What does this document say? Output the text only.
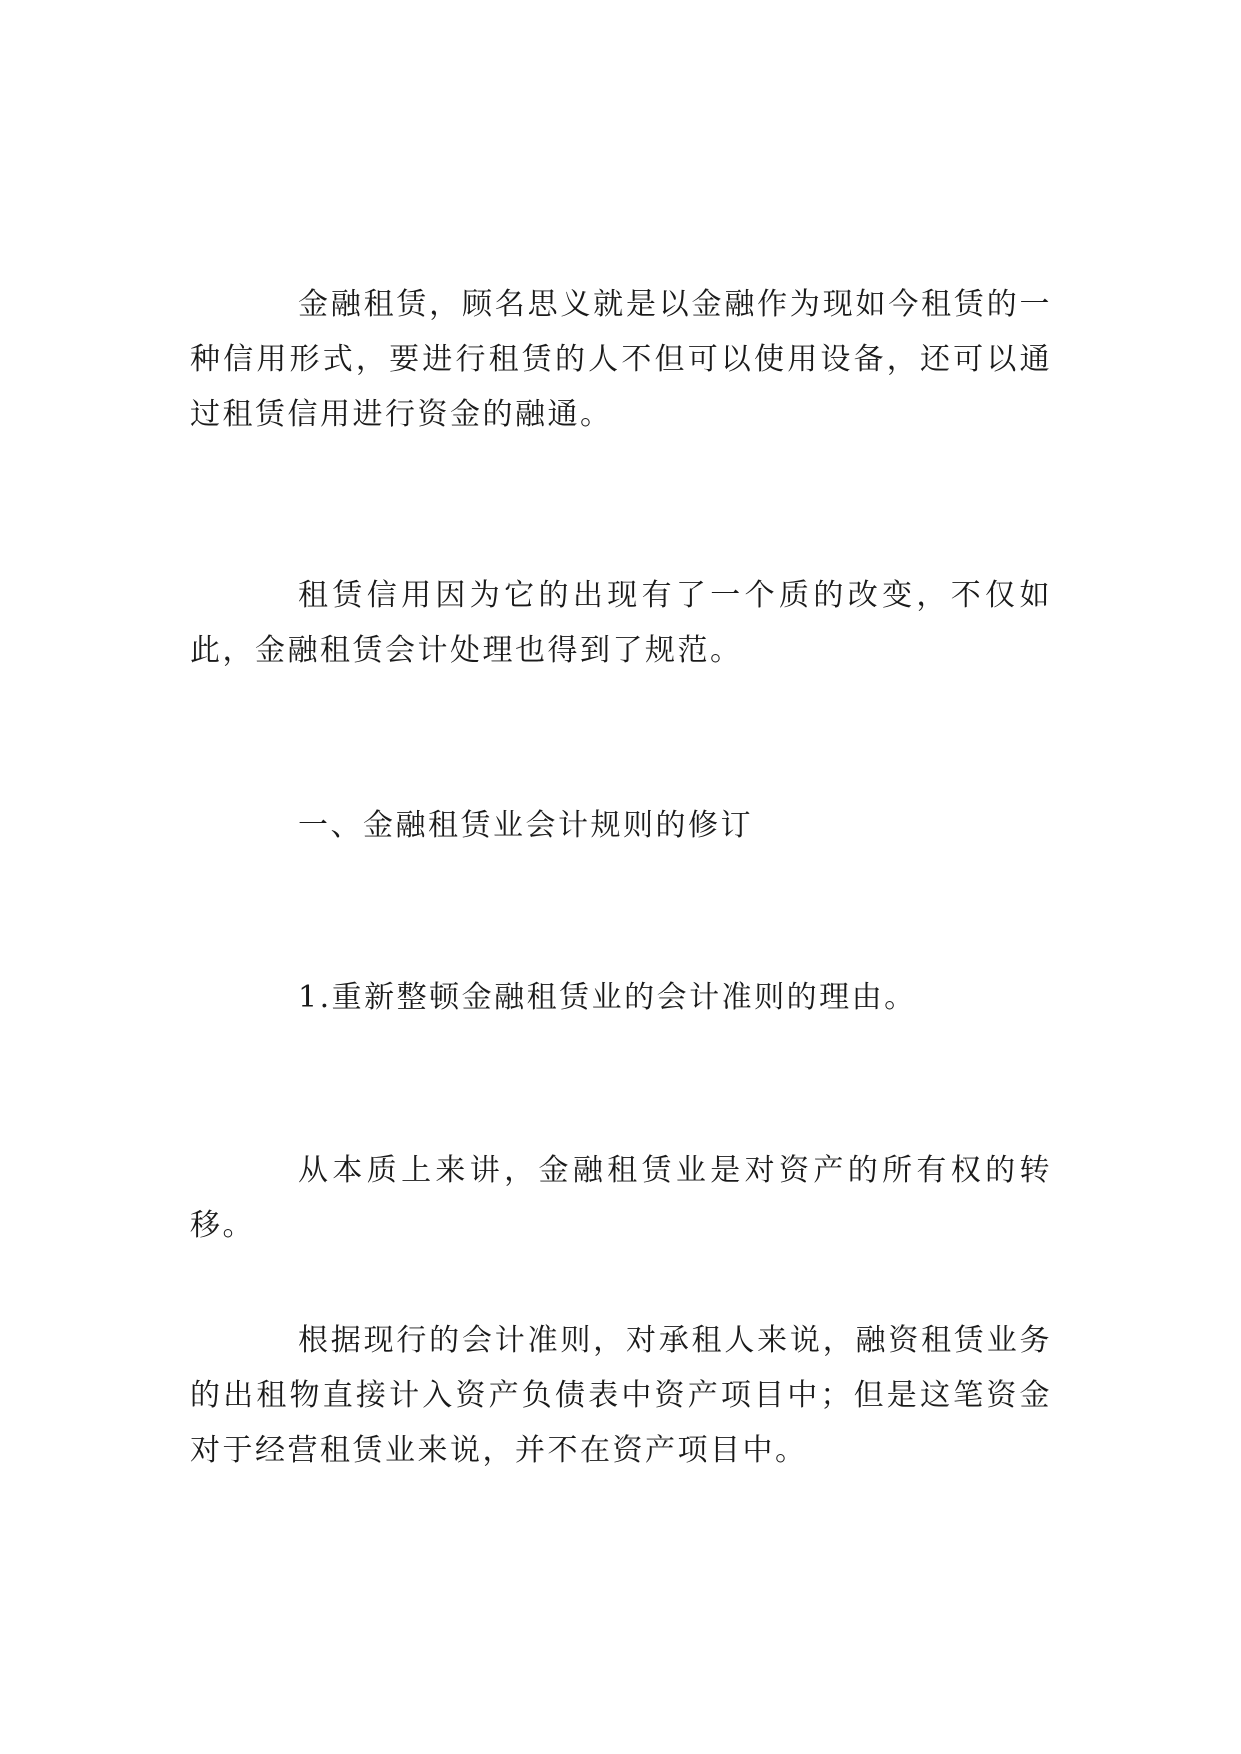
金融租赁，顾名思义就是以金融作为现如今租赁的一种信用形式，要进行租赁的人不但可以使用设备，还可以通过租赁信用进行资金的融通。

租赁信用因为它的出现有了一个质的改变，不仅如此，金融租赁会计处理也得到了规范。

一、金融租赁业会计规则的修订

1.重新整顿金融租赁业的会计准则的理由。

从本质上来讲，金融租赁业是对资产的所有权的转移。

根据现行的会计准则，对承租人来说，融资租赁业务的出租物直接计入资产负债表中资产项目中；但是这笔资金对于经营租赁业来说，并不在资产项目中。
